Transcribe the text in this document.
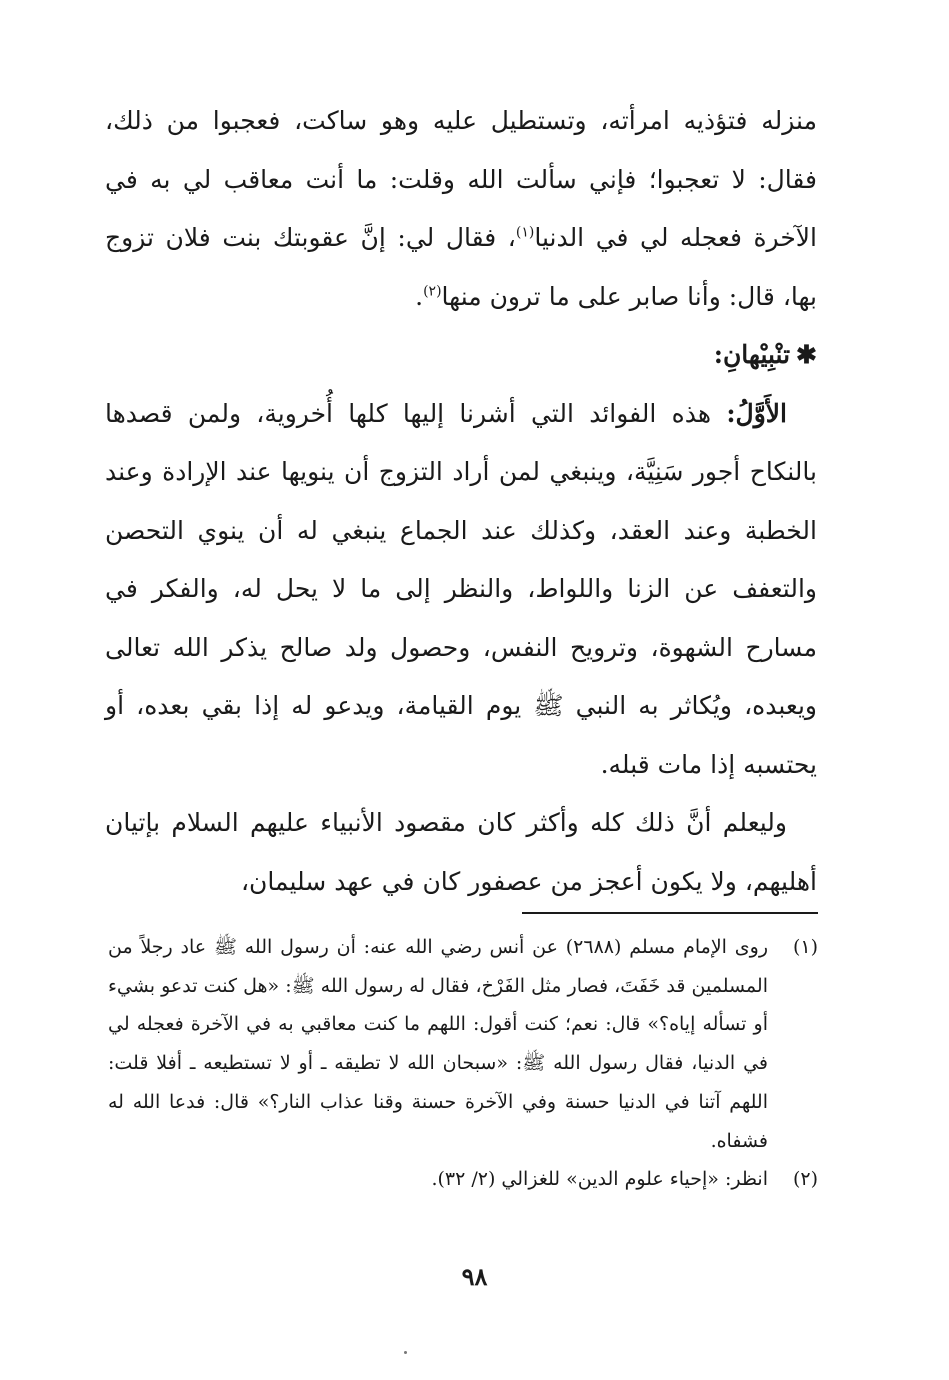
منزله فتؤذيه امرأته، وتستطيل عليه وهو ساكت، فعجبوا من ذلك، فقال: لا تعجبوا؛ فإني سألت الله وقلت: ما أنت معاقب لي به في الآخرة فعجله لي في الدنيا$^{(١)}$، فقال لي: إنَّ عقوبتك بنت فلان تزوج بها، قال: وأنا صابر على ما ترون منها$^{(٢)}$.

✱تنْبِيْهانِ:

الأَوَّلُ: هذه الفوائد التي أشرنا إليها كلها أُخروية، ولمن قصدها بالنكاح أجور سَنِيَّة، وينبغي لمن أراد التزوج أن ينويها عند الإرادة وعند الخطبة وعند العقد، وكذلك عند الجماع ينبغي له أن ينوي التحصن والتعفف عن الزنا واللواط، والنظر إلى ما لا يحل له، والفكر في مسارح الشهوة، وترويح النفس، وحصول ولد صالح يذكر الله تعالى ويعبده، ويُكاثر به النبي ﷺ يوم القيامة، ويدعو له إذا بقي بعده، أو يحتسبه إذا مات قبله.

وليعلم أنَّ ذلك كله وأكثر كان مقصود الأنبياء عليهم السلام بإتيان أهليهم، ولا يكون أعجز من عصفور كان في عهد سليمان،

(١)
روى الإمام مسلم (٢٦٨٨) عن أنس رضي الله عنه: أن رسول الله ﷺ عاد رجلاً من المسلمين قد خَفَتَ، فصار مثل الفَرْخ، فقال له رسول الله ﷺ: «هل كنت تدعو بشيء أو تسأله إياه؟» قال: نعم؛ كنت أقول: اللهم ما كنت معاقبي به في الآخرة فعجله لي في الدنيا، فقال رسول الله ﷺ: «سبحان الله لا تطيقه ـ أو لا تستطيعه ـ أفلا قلت: اللهم آتنا في الدنيا حسنة وفي الآخرة حسنة وقنا عذاب النار؟» قال: فدعا الله له فشفاه.
(٢)
انظر: «إحياء علوم الدين» للغزالي (٢/ ٣٢).
٩٨
